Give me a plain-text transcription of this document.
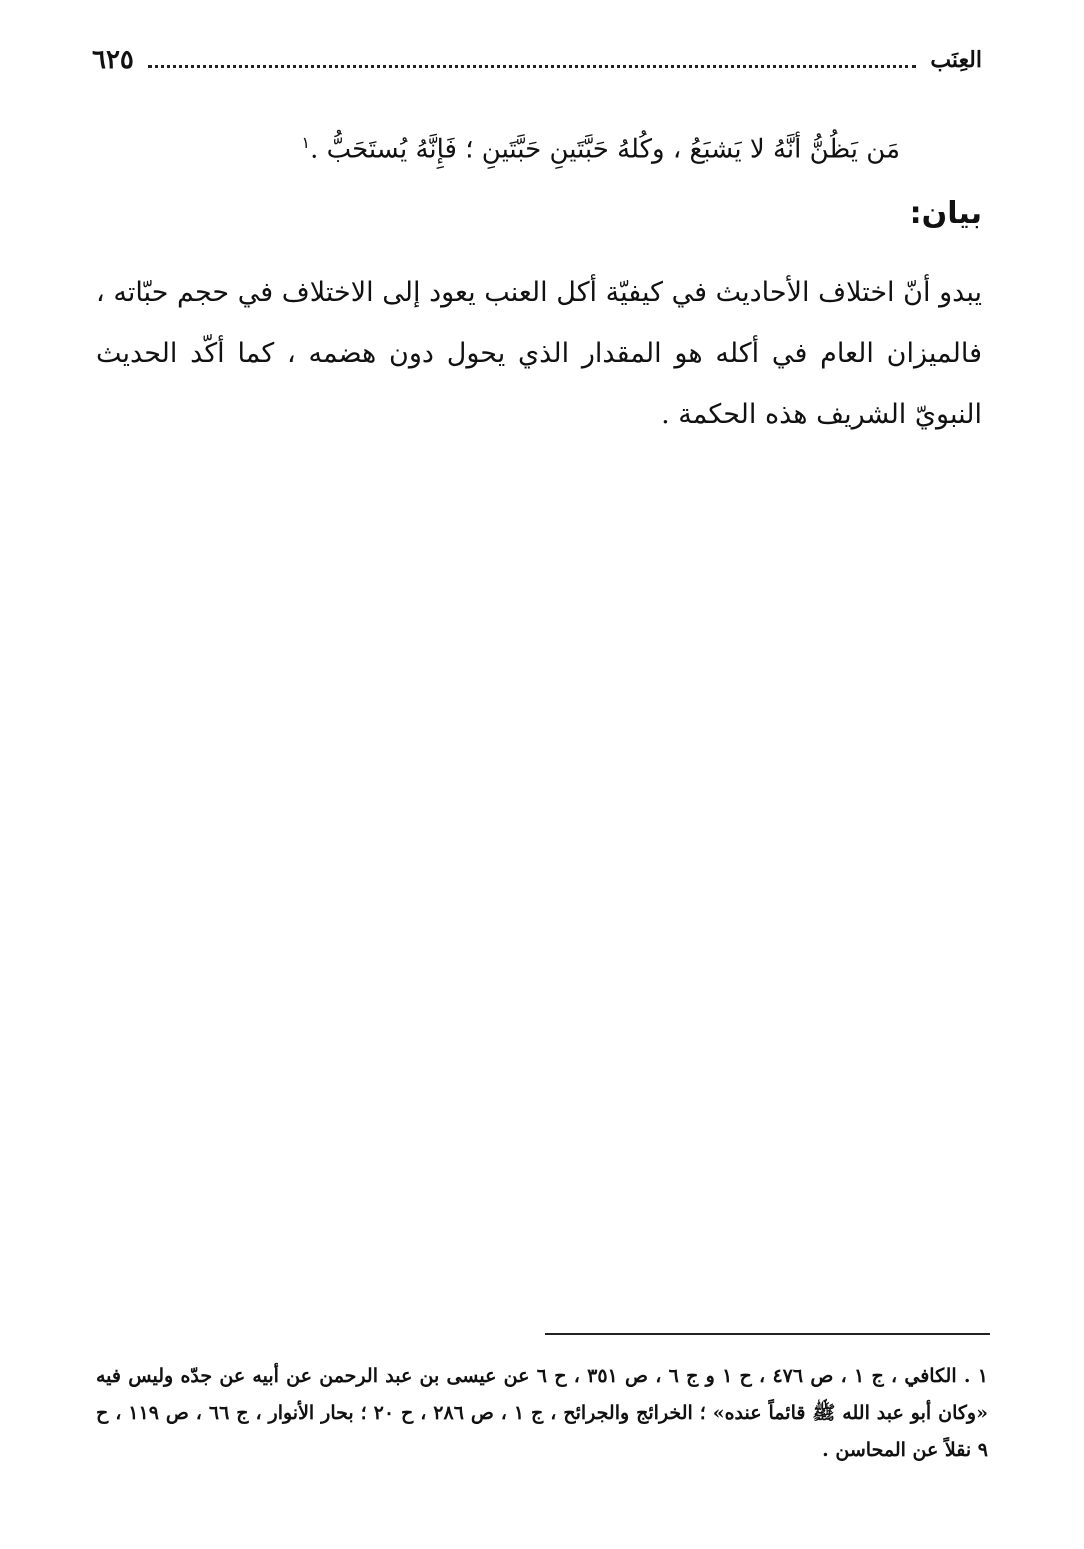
العِنَب
٦٢٥
مَن يَظُنُّ أنَّهُ لا يَشبَعُ ، وكُلهُ حَبَّتَينِ حَبَّتَينِ ؛ فَإِنَّهُ يُستَحَبُّ .$^١$
بيان:
يبدو أنّ اختلاف الأحاديث في كيفيّة أكل العنب يعود إلى الاختلاف في حجم حبّاته ، فالميزان العام في أكله هو المقدار الذي يحول دون هضمه ، كما أكّد الحديث النبويّ الشريف هذه الحكمة .
١ . الكافي ، ج ١ ، ص ٤٧٦ ، ح ١ و ج ٦ ، ص ٣٥١ ، ح ٦ عن عيسى بن عبد الرحمن عن أبيه عن جدّه وليس فيه «وكان أبو عبد الله ﷺ قائماً عنده» ؛ الخرائج والجرائح ، ج ١ ، ص ٢٨٦ ، ح ٢٠ ؛ بحار الأنوار ، ج ٦٦ ، ص ١١٩ ، ح ٩ نقلاً عن المحاسن .
